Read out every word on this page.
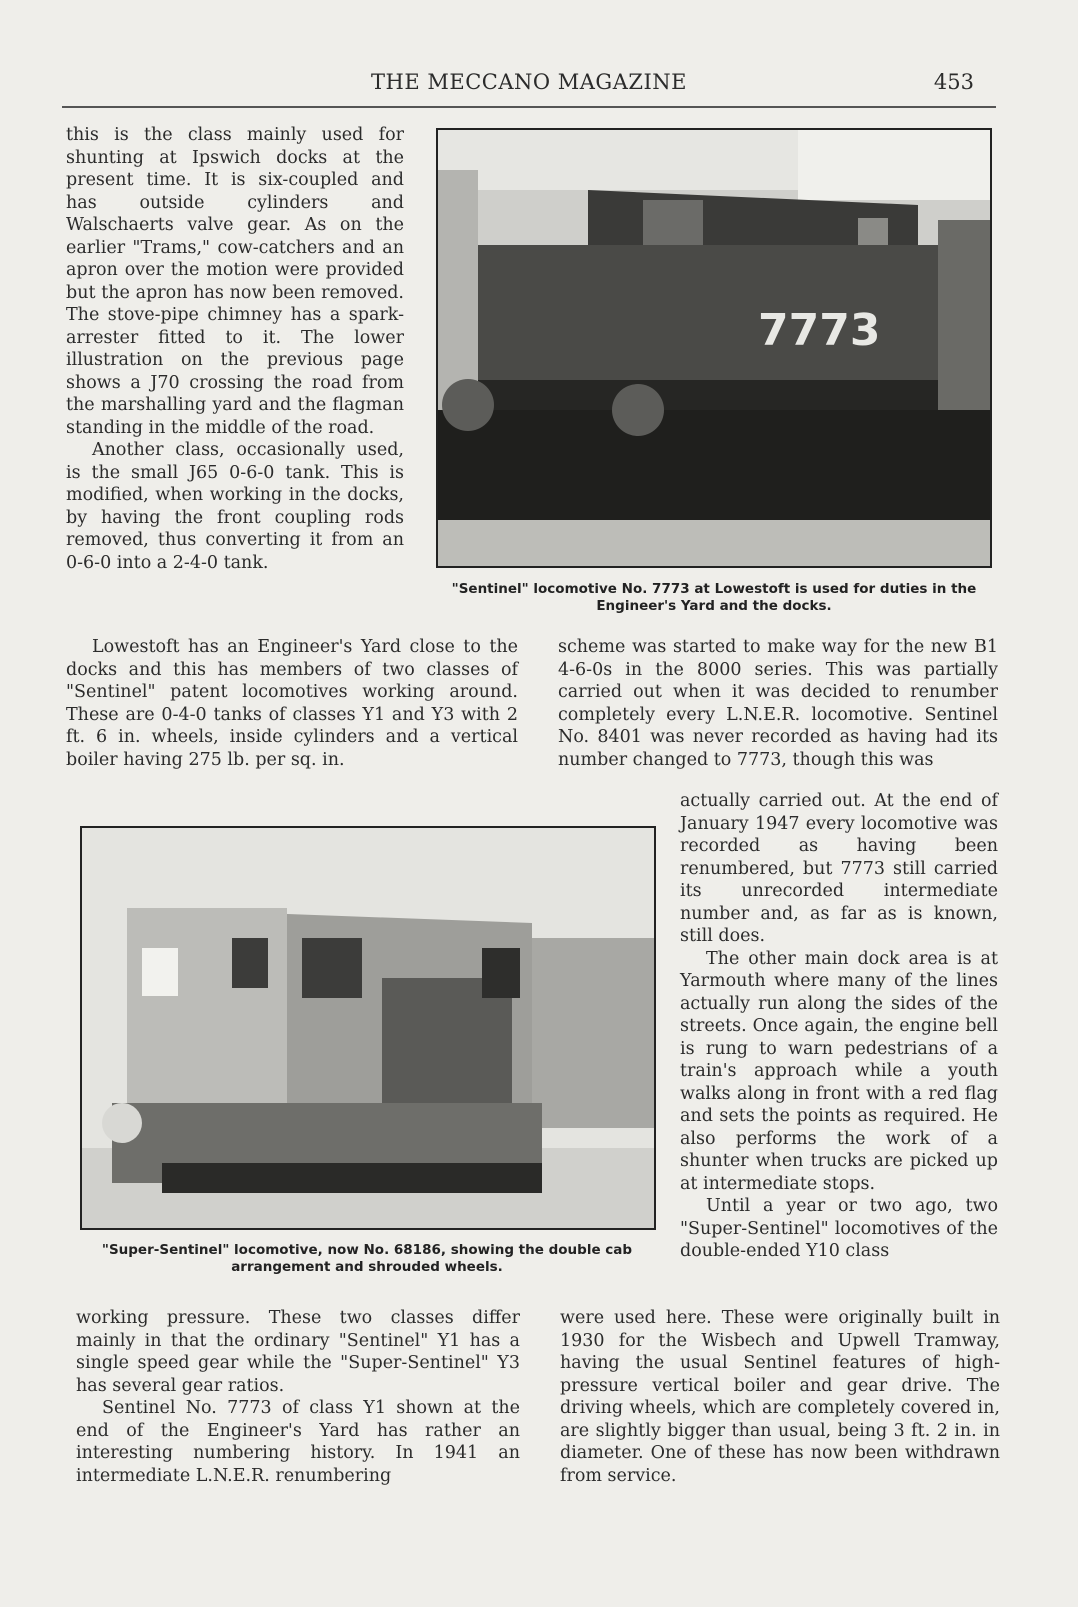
THE MECCANO MAGAZINE	453

this is the class mainly used for shunting at Ipswich docks at the present time. It is six-coupled and has outside cylinders and Walschaerts valve gear. As on the earlier "Trams," cow-catchers and an apron over the motion were provided but the apron has now been removed. The stove-pipe chimney has a spark-arrester fitted to it. The lower illustration on the previous page shows a J70 crossing the road from the marshalling yard and the flagman standing in the middle of the road.

Another class, occasionally used, is the small J65 0-6-0 tank. This is modified, when working in the docks, by having the front coupling rods removed, thus converting it from an 0-6-0 into a 2-4-0 tank.

7773
"Sentinel" locomotive No. 7773 at Lowestoft is used for duties in the Engineer's Yard and the docks.

Lowestoft has an Engineer's Yard close to the docks and this has members of two classes of "Sentinel" patent locomotives working around. These are 0-4-0 tanks of classes Y1 and Y3 with 2 ft. 6 in. wheels, inside cylinders and a vertical boiler having 275 lb. per sq. in.

scheme was started to make way for the new B1 4-6-0s in the 8000 series. This was partially carried out when it was decided to renumber completely every L.N.E.R. locomotive. Sentinel No. 8401 was never recorded as having had its number changed to 7773, though this was

"Super-Sentinel" locomotive, now No. 68186, showing the double cab arrangement and shrouded wheels.

actually carried out. At the end of January 1947 every locomotive was recorded as having been renumbered, but 7773 still carried its unrecorded intermediate number and, as far as is known, still does.

The other main dock area is at Yarmouth where many of the lines actually run along the sides of the streets. Once again, the engine bell is rung to warn pedestrians of a train's approach while a youth walks along in front with a red flag and sets the points as required. He also performs the work of a shunter when trucks are picked up at intermediate stops.

Until a year or two ago, two "Super-Sentinel" locomotives of the double-ended Y10 class

working pressure. These two classes differ mainly in that the ordinary "Sentinel" Y1 has a single speed gear while the "Super-Sentinel" Y3 has several gear ratios.

Sentinel No. 7773 of class Y1 shown at the end of the Engineer's Yard has rather an interesting numbering history. In 1941 an intermediate L.N.E.R. renumbering

were used here. These were originally built in 1930 for the Wisbech and Upwell Tramway, having the usual Sentinel features of high-pressure vertical boiler and gear drive. The driving wheels, which are completely covered in, are slightly bigger than usual, being 3 ft. 2 in. in diameter. One of these has now been withdrawn from service.
